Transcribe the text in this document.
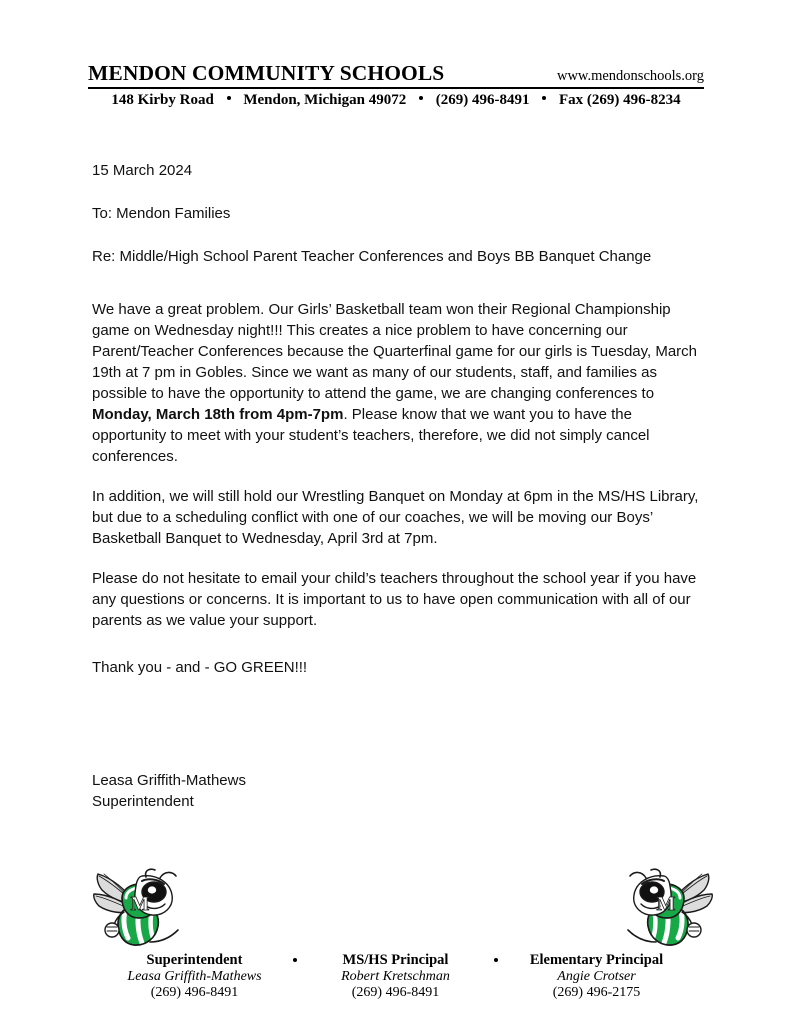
MENDON COMMUNITY SCHOOLS	www.mendonschools.org
148 Kirby Road Mendon, Michigan 49072 (269) 496-8491 Fax (269) 496-8234

15 March 2024

To: Mendon Families

Re: Middle/High School Parent Teacher Conferences and Boys BB Banquet Change

We have a great problem. Our Girls’ Basketball team won their Regional Championship game on Wednesday night!!! This creates a nice problem to have concerning our Parent/Teacher Conferences because the Quarterfinal game for our girls is Tuesday, March 19th at 7 pm in Gobles. Since we want as many of our students, staff, and families as possible to have the opportunity to attend the game, we are changing conferences to Monday, March 18th from 4pm-7pm. Please know that we want you to have the opportunity to meet with your student’s teachers, therefore, we did not simply cancel conferences.

In addition, we will still hold our Wrestling Banquet on Monday at 6pm in the MS/HS Library, but due to a scheduling conflict with one of our coaches, we will be moving our Boys’ Basketball Banquet to Wednesday, April 3rd at 7pm.

Please do not hesitate to email your child’s teachers throughout the school year if you have any questions or concerns. It is important to us to have open communication with all of our parents as we value your support.

Thank you - and - GO GREEN!!!

Leasa Griffith-Mathews

Superintendent

M	M
Superintendent
Leasa Griffith-Mathews
(269) 496-8491
MS/HS Principal
Robert Kretschman
(269) 496-8491
Elementary Principal
Angie Crotser
(269) 496-2175
